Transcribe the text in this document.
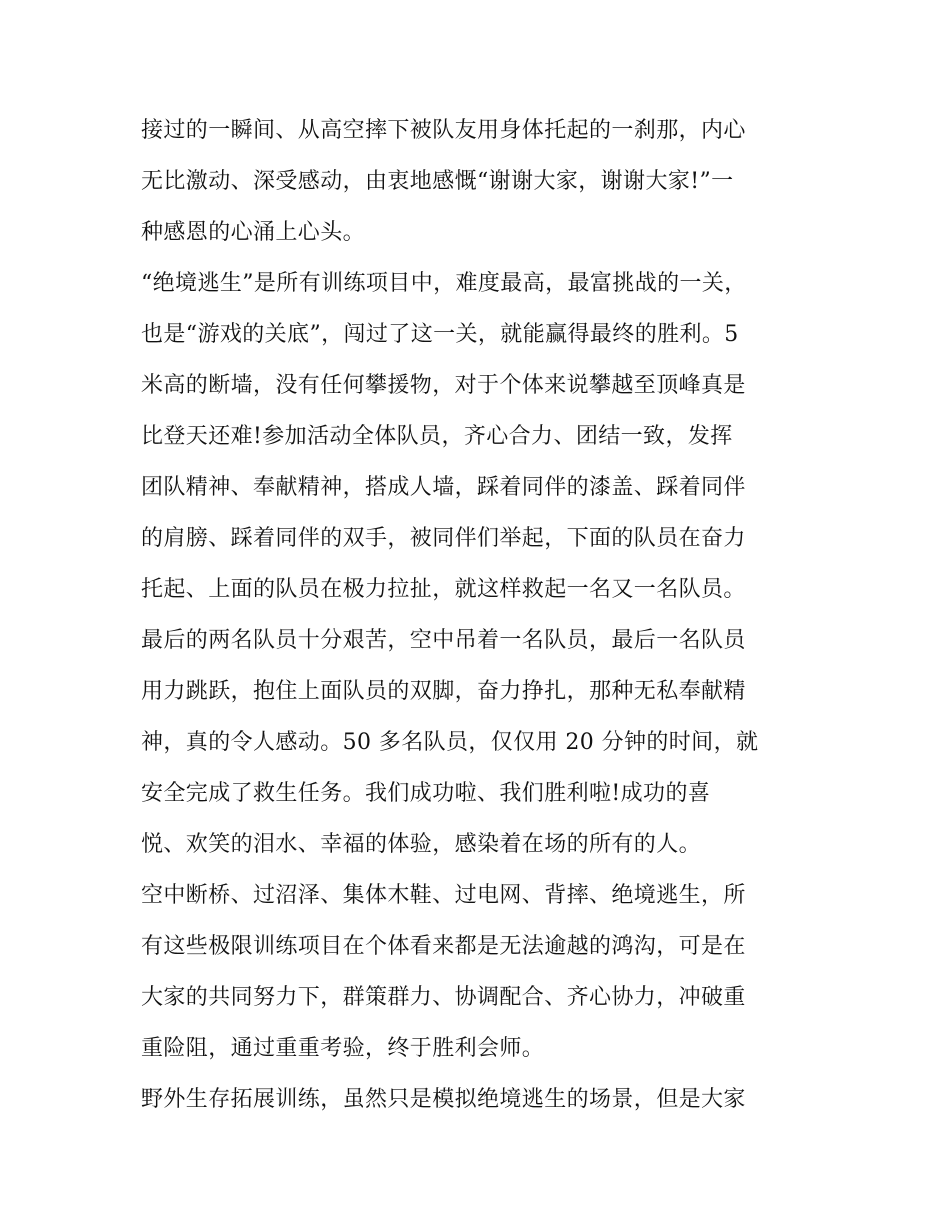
接过的一瞬间、从高空摔下被队友用身体托起的一刹那，内心
无比激动、深受感动，由衷地感慨“谢谢大家，谢谢大家!”一
种感恩的心涌上心头。
“绝境逃生”是所有训练项目中，难度最高，最富挑战的一关，
也是“游戏的关底”，闯过了这一关，就能赢得最终的胜利。5
米高的断墙，没有任何攀援物，对于个体来说攀越至顶峰真是
比登天还难!参加活动全体队员，齐心合力、团结一致，发挥
团队精神、奉献精神，搭成人墙，踩着同伴的漆盖、踩着同伴
的肩膀、踩着同伴的双手，被同伴们举起，下面的队员在奋力
托起、上面的队员在极力拉扯，就这样救起一名又一名队员。
最后的两名队员十分艰苦，空中吊着一名队员，最后一名队员
用力跳跃，抱住上面队员的双脚，奋力挣扎，那种无私奉献精
神，真的令人感动。50 多名队员，仅仅用 20 分钟的时间，就
安全完成了救生任务。我们成功啦、我们胜利啦!成功的喜
悦、欢笑的泪水、幸福的体验，感染着在场的所有的人。
空中断桥、过沼泽、集体木鞋、过电网、背摔、绝境逃生，所
有这些极限训练项目在个体看来都是无法逾越的鸿沟，可是在
大家的共同努力下，群策群力、协调配合、齐心协力，冲破重
重险阻，通过重重考验，终于胜利会师。
野外生存拓展训练，虽然只是模拟绝境逃生的场景，但是大家
